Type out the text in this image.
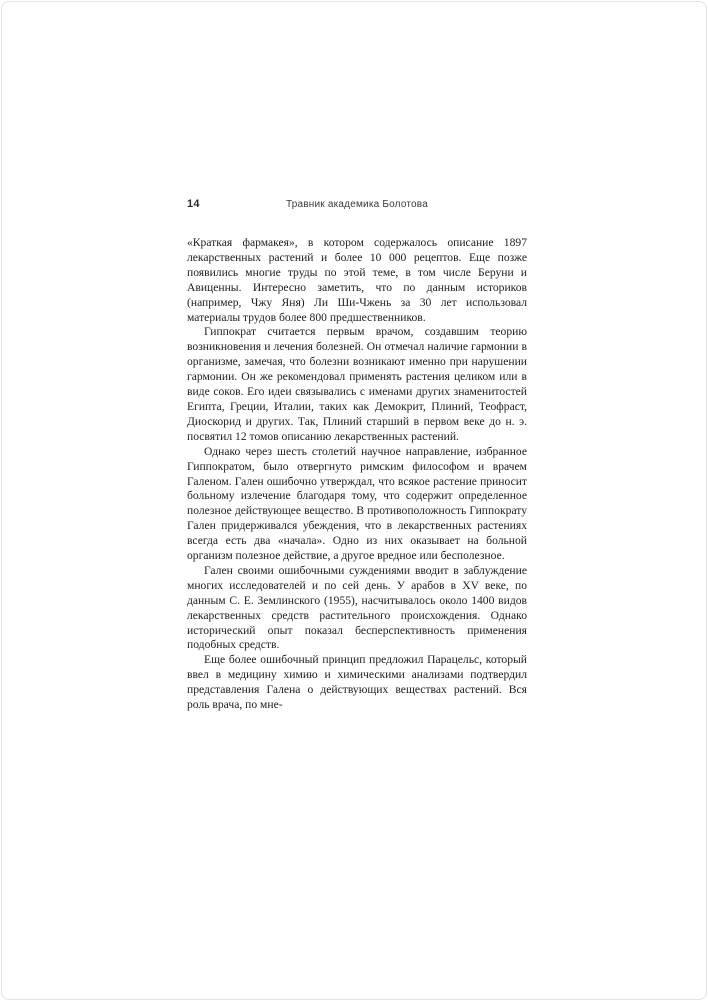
14	Травник академика Болотова

«Краткая фармакея», в котором содержалось описание 1897 лекарственных растений и более 10 000 рецептов. Еще позже появились многие труды по этой теме, в том числе Беруни и Авиценны. Интересно заметить, что по данным историков (например, Чжу Яня) Ли Ши-Чжень за 30 лет использовал материалы трудов более 800 предшественников.

Гиппократ считается первым врачом, создавшим теорию возникновения и лечения болезней. Он отмечал наличие гармонии в организме, замечая, что болезни возникают именно при нарушении гармонии. Он же рекомендовал применять растения целиком или в виде соков. Его идеи связывались с именами других знаменитостей Египта, Греции, Италии, таких как Демокрит, Плиний, Теофраст, Диоскорид и других. Так, Плиний старший в первом веке до н. э. посвятил 12 томов описанию лекарственных растений.

Однако через шесть столетий научное направление, избранное Гиппократом, было отвергнуто римским философом и врачем Галеном. Гален ошибочно утверждал, что всякое растение приносит больному излечение благодаря тому, что содержит определенное полезное действующее вещество. В противоположность Гиппократу Гален придерживался убеждения, что в лекарственных растениях всегда есть два «начала». Одно из них оказывает на больной организм полезное действие, а другое вредное или бесполезное.

Гален своими ошибочными суждениями вводит в заблуждение многих исследователей и по сей день. У арабов в XV веке, по данным С. Е. Землинского (1955), насчитывалось около 1400 видов лекарственных средств растительного происхождения. Однако исторический опыт показал бесперспективность применения подобных средств.

Еще более ошибочный принцип предложил Парацельс, который ввел в медицину химию и химическими анализами подтвердил представления Галена о действующих веществах растений. Вся роль врача, по мне-
